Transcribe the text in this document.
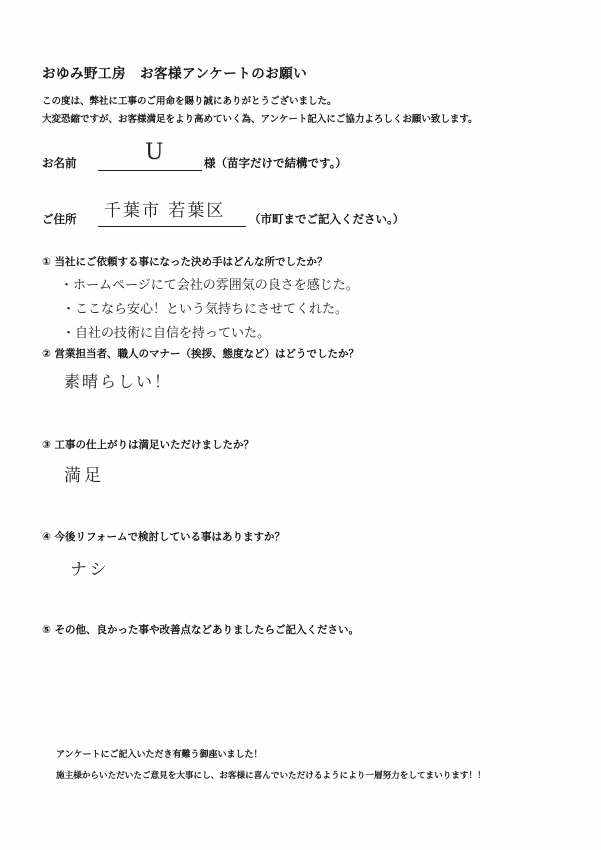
おゆみ野工房　お客様アンケートのお願い
この度は、弊社に工事のご用命を賜り誠にありがとうございました。
大変恐縮ですが、お客様満足をより高めていく為、アンケート記入にご協力よろしくお願い致します。
お名前	U	様（苗字だけで結構です。）
ご住所 千葉市 若葉区 （市町までご記入ください。）
① 当社にご依頼する事になった決め手はどんな所でしたか？
・ホームページにて会社の雰囲気の良さを感じた。
・ここなら安心！という気持ちにさせてくれた。
・自社の技術に自信を持っていた。
② 営業担当者、職人のマナー（挨拶、態度など）はどうでしたか？
素晴らしい！
③ 工事の仕上がりは満足いただけましたか？
満足
④ 今後リフォームで検討している事はありますか？
ナシ
⑤ その他、良かった事や改善点などありましたらご記入ください。
アンケートにご記入いただき有難う御座いました！
施主様からいただいたご意見を大事にし、お客様に喜んでいただけるようにより一層努力をしてまいります！！
